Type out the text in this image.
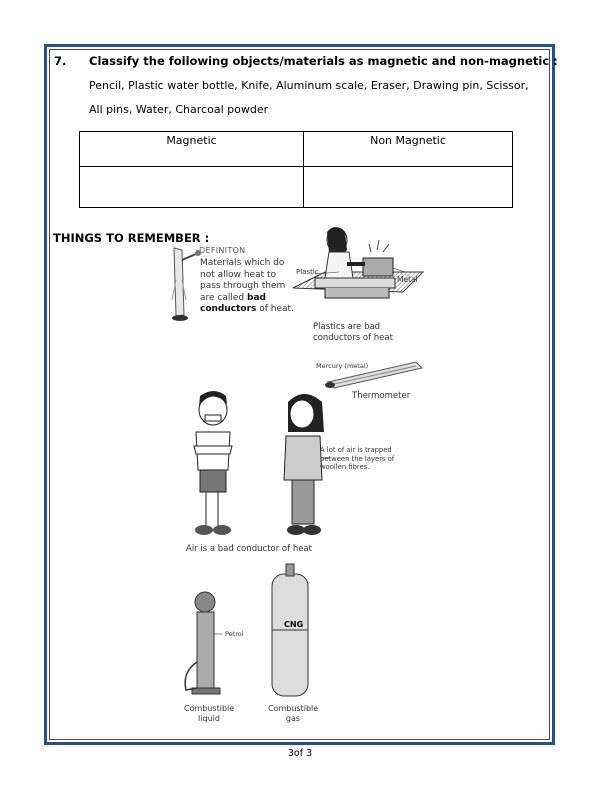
7. Classify the following objects/materials as magnetic and non-magnetic :
Pencil, Plastic water bottle, Knife, Aluminum scale, Eraser, Drawing pin, Scissor,
All pins, Water, Charcoal powder
Magnetic	Non Magnetic

THINGS TO REMEMBER :
DEFINITON
Materials which do
not allow heat to
pass through them
are called bad
conductors of heat.
Plastic
Metal
Plastics are bad
conductors of heat
Mercury (metal)
Thermometer
A lot of air is trapped
between the layers of
woollen fibres.
Air is a bad conductor of heat
Petrol
CNG
Combustible
liquid
Combustible
gas
3of 3
